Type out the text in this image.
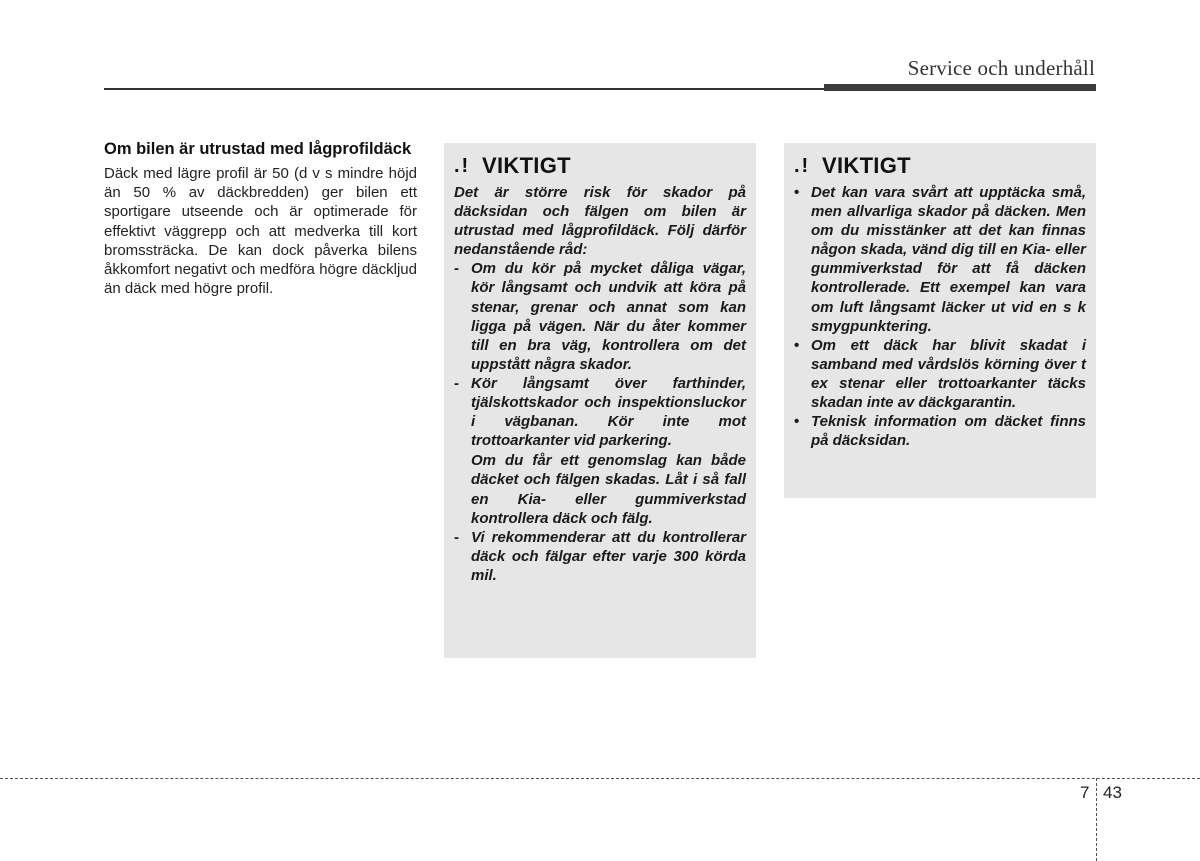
Service och underhåll
Om bilen är utrustad med lågprofildäck

Däck med lägre profil är 50 (d v s mindre höjd än 50 % av däckbredden) ger bilen ett sportigare utseende och är optimerade för effektivt väggrepp och att medverka till kort bromssträcka. De kan dock påverka bilens åkkomfort negativt och medföra högre däckljud än däck med högre profil.

.! VIKTIGT

Det är större risk för skador på däcksidan och fälgen om bilen är utrustad med lågprofildäck. Följ därför nedanstående råd:

- Om du kör på mycket dåliga vägar, kör långsamt och undvik att köra på stenar, grenar och annat som kan ligga på vägen. När du åter kommer till en bra väg, kontrollera om det uppstått några skador.
- Kör långsamt över farthinder, tjälskottskador och inspektionsluckor i vägbanan. Kör inte mot trottoarkanter vid parkering.

Om du får ett genomslag kan både däcket och fälgen skadas. Låt i så fall en Kia- eller gummiverkstad kontrollera däck och fälg.

- Vi rekommenderar att du kontrollerar däck och fälgar efter varje 300 körda mil.
.! VIKTIGT
• Det kan vara svårt att upptäcka små, men allvarliga skador på däcken. Men om du misstänker att det kan finnas någon skada, vänd dig till en Kia- eller gummiverkstad för att få däcken kontrollerade. Ett exempel kan vara om luft långsamt läcker ut vid en s k smygpunktering.
• Om ett däck har blivit skadat i samband med vårdslös körning över t ex stenar eller trottoarkanter täcks skadan inte av däckgarantin.
• Teknisk information om däcket finns på däcksidan.
7 43
